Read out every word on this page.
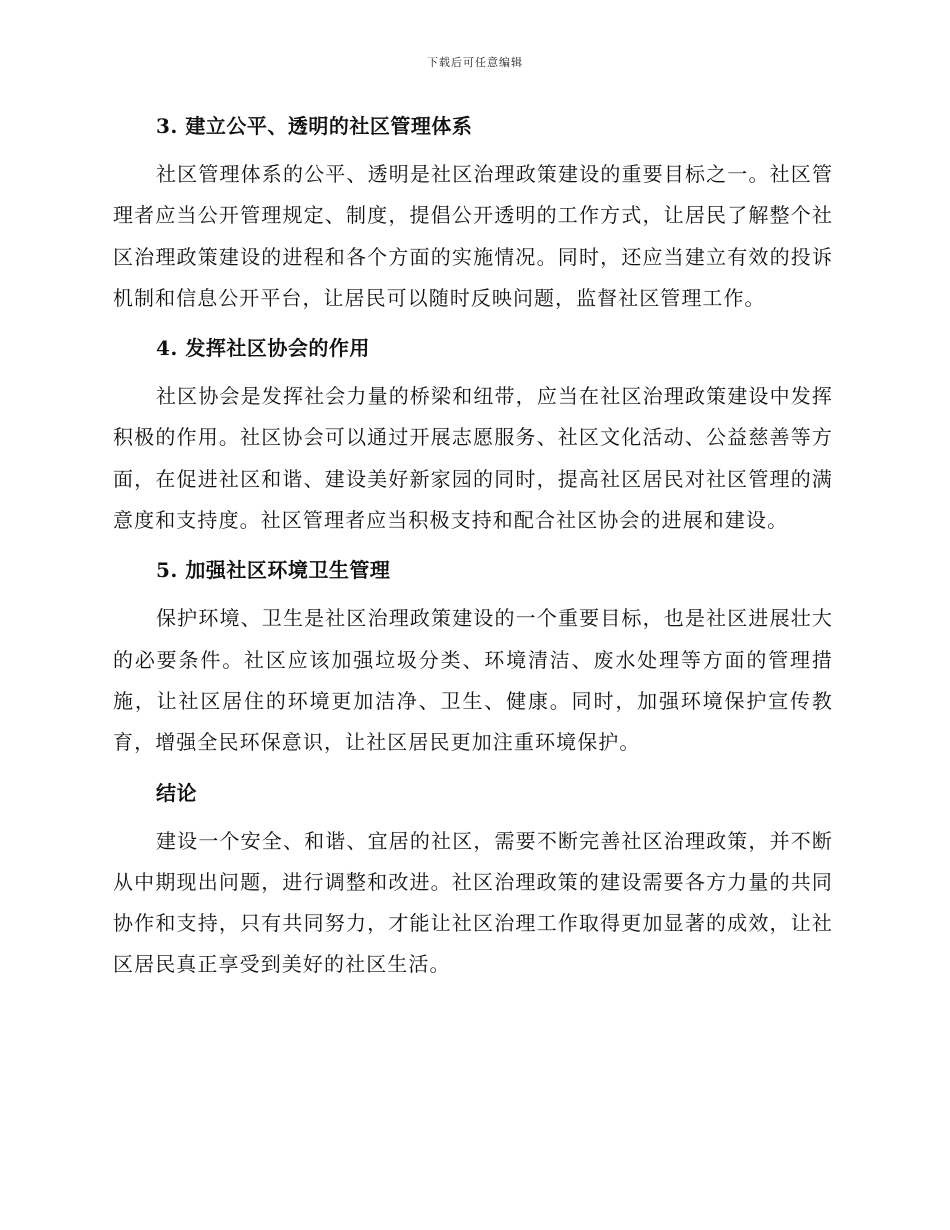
下载后可任意编辑
3. 建立公平、透明的社区管理体系

社区管理体系的公平、透明是社区治理政策建设的重要目标之一。社区管理者应当公开管理规定、制度，提倡公开透明的工作方式，让居民了解整个社区治理政策建设的进程和各个方面的实施情况。同时，还应当建立有效的投诉机制和信息公开平台，让居民可以随时反映问题，监督社区管理工作。

4. 发挥社区协会的作用

社区协会是发挥社会力量的桥梁和纽带，应当在社区治理政策建设中发挥积极的作用。社区协会可以通过开展志愿服务、社区文化活动、公益慈善等方面，在促进社区和谐、建设美好新家园的同时，提高社区居民对社区管理的满意度和支持度。社区管理者应当积极支持和配合社区协会的进展和建设。

5. 加强社区环境卫生管理

保护环境、卫生是社区治理政策建设的一个重要目标，也是社区进展壮大的必要条件。社区应该加强垃圾分类、环境清洁、废水处理等方面的管理措施，让社区居住的环境更加洁净、卫生、健康。同时，加强环境保护宣传教育，增强全民环保意识，让社区居民更加注重环境保护。

结论

建设一个安全、和谐、宜居的社区，需要不断完善社区治理政策，并不断从中期现出问题，进行调整和改进。社区治理政策的建设需要各方力量的共同协作和支持，只有共同努力，才能让社区治理工作取得更加显著的成效，让社区居民真正享受到美好的社区生活。
